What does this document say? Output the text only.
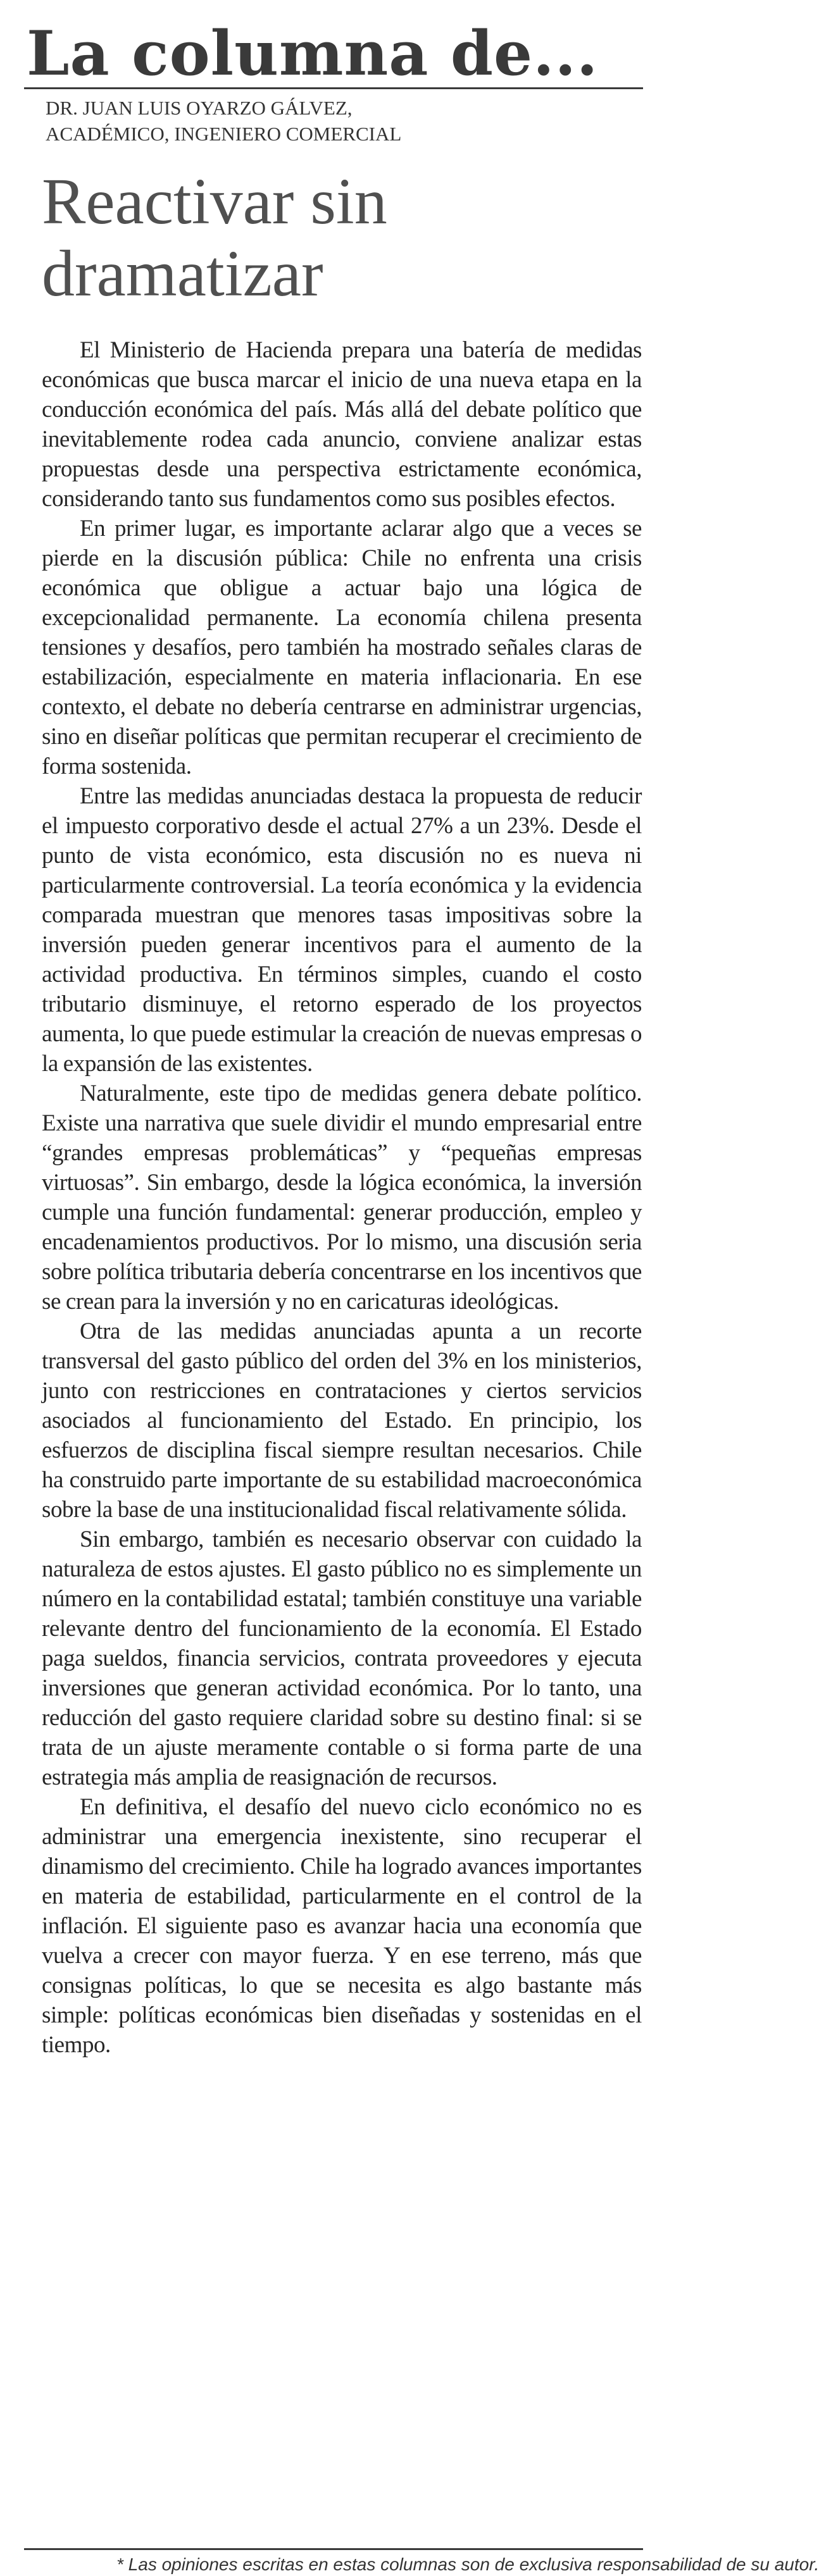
La columna de...
DR. JUAN LUIS OYARZO GÁLVEZ,
ACADÉMICO, INGENIERO COMERCIAL
Reactivar sin
dramatizar

El Ministerio de Hacienda prepara una batería de medidas económicas que busca marcar el inicio de una nueva etapa en la conducción económica del país. Más allá del debate político que inevitablemente rodea cada anuncio, conviene analizar estas propuestas desde una perspectiva estrictamente económica, considerando tanto sus fundamentos como sus posibles efectos.

En primer lugar, es importante aclarar algo que a veces se pierde en la discusión pública: Chile no enfrenta una crisis económica que obligue a actuar bajo una lógica de excepcionalidad permanente. La economía chilena presenta tensiones y desafíos, pero también ha mostrado señales claras de estabilización, especialmente en materia inflacionaria. En ese contexto, el debate no debería centrarse en administrar urgencias, sino en diseñar políticas que permitan recuperar el crecimiento de forma sostenida.

Entre las medidas anunciadas destaca la propuesta de reducir el impuesto corporativo desde el actual 27% a un 23%. Desde el punto de vista económico, esta discusión no es nueva ni particularmente controversial. La teoría económica y la evidencia comparada muestran que menores tasas impositivas sobre la inversión pueden generar incentivos para el aumento de la actividad productiva. En términos simples, cuando el costo tributario disminuye, el retorno esperado de los proyectos aumenta, lo que puede estimular la creación de nuevas empresas o la expansión de las existentes.

Naturalmente, este tipo de medidas genera debate político. Existe una narrativa que suele dividir el mundo empresarial entre “grandes empresas problemáticas” y “pequeñas empresas virtuosas”. Sin embargo, desde la lógica económica, la inversión cumple una función fundamental: generar producción, empleo y encadenamientos productivos. Por lo mismo, una discusión seria sobre política tributaria debería concentrarse en los incentivos que se crean para la inversión y no en caricaturas ideológicas.

Otra de las medidas anunciadas apunta a un recorte transversal del gasto público del orden del 3% en los ministerios, junto con restricciones en contrataciones y ciertos servicios asociados al funcionamiento del Estado. En principio, los esfuerzos de disciplina fiscal siempre resultan necesarios. Chile ha construido parte importante de su estabilidad macroeconómica sobre la base de una institucionalidad fiscal relativamente sólida.

Sin embargo, también es necesario observar con cuidado la naturaleza de estos ajustes. El gasto público no es simplemente un número en la contabilidad estatal; también constituye una variable relevante dentro del funcionamiento de la economía. El Estado paga sueldos, financia servicios, contrata proveedores y ejecuta inversiones que generan actividad económica. Por lo tanto, una reducción del gasto requiere claridad sobre su destino final: si se trata de un ajuste meramente contable o si forma parte de una estrategia más amplia de reasignación de recursos.

En definitiva, el desafío del nuevo ciclo económico no es administrar una emergencia inexistente, sino recuperar el dinamismo del crecimiento. Chile ha logrado avances importantes en materia de estabilidad, particularmente en el control de la inflación. El siguiente paso es avanzar hacia una economía que vuelva a crecer con mayor fuerza. Y en ese terreno, más que consignas políticas, lo que se necesita es algo bastante más simple: políticas económicas bien diseñadas y sostenidas en el tiempo.

* Las opiniones escritas en estas columnas son de exclusiva responsabilidad de su autor.
